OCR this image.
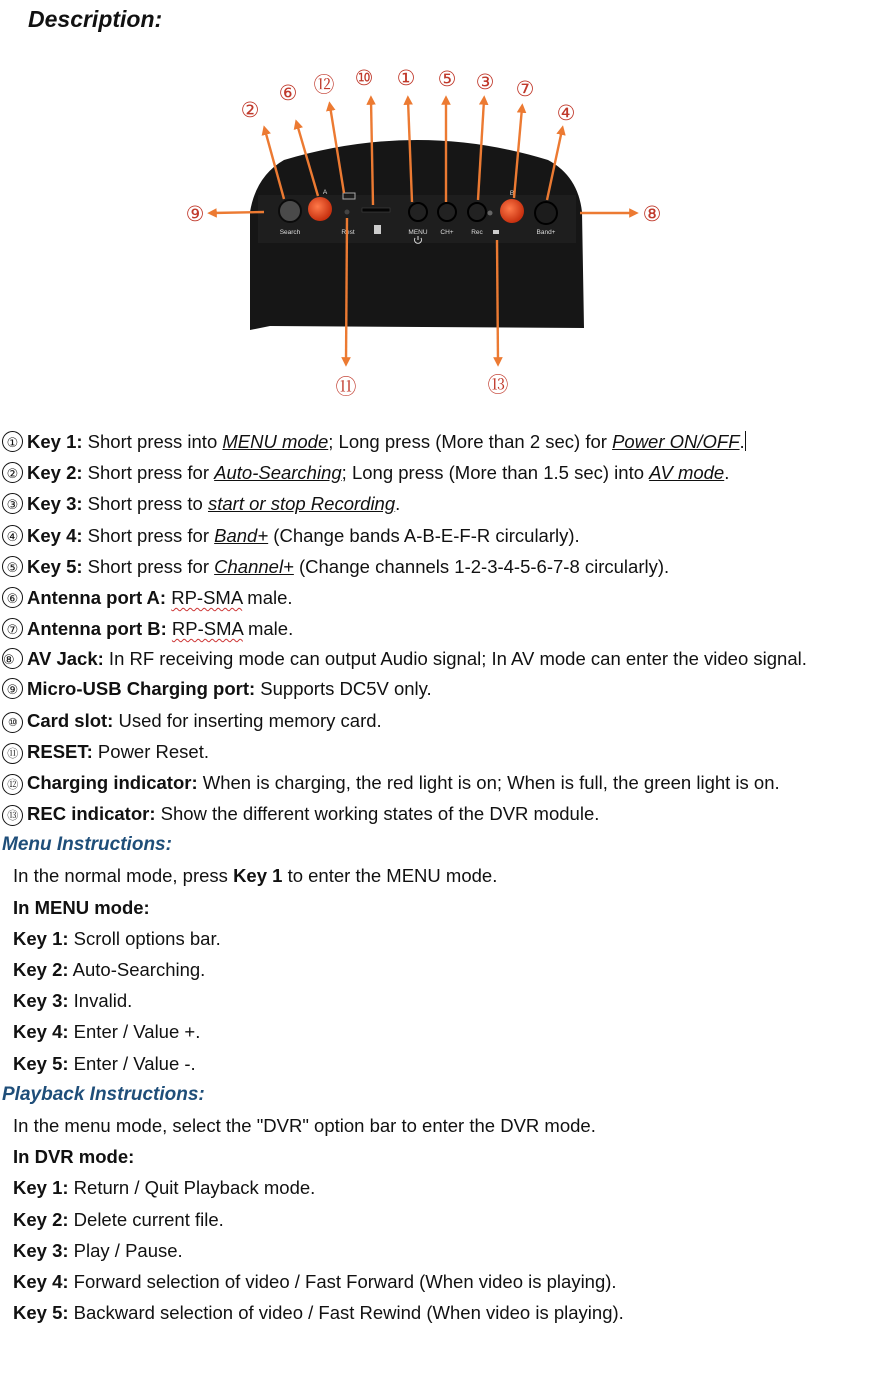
Description:
Search
A
Rest	MENU CH+	Rec
B
Band+
①
②
③
④
⑤
⑥	⑦
⑧
⑨
⑩
⑪
⑫
⑬
① Key 1: Short press into MENU mode; Long press (More than 2 sec) for Power ON/OFF.
② Key 2: Short press for Auto-Searching; Long press (More than 1.5 sec) into AV mode.
③ Key 3: Short press to start or stop Recording.
④ Key 4: Short press for Band+ (Change bands A-B-E-F-R circularly).
⑤ Key 5: Short press for Channel+ (Change channels 1-2-3-4-5-6-7-8 circularly).
⑥ Antenna port A: RP-SMA male.
⑦ Antenna port B: RP-SMA male.
⑧ AV Jack: In RF receiving mode can output Audio signal; In AV mode can enter the video signal.
⑨ Micro-USB Charging port: Supports DC5V only.
⑩ Card slot: Used for inserting memory card.
⑪ RESET: Power Reset.
⑫ Charging indicator: When is charging, the red light is on; When is full, the green light is on.
⑬ REC indicator: Show the different working states of the DVR module.
Menu Instructions:
In the normal mode, press Key 1 to enter the MENU mode.
In MENU mode:
Key 1: Scroll options bar.
Key 2: Auto-Searching.
Key 3: Invalid.
Key 4: Enter / Value +.
Key 5: Enter / Value -.
Playback Instructions:
In the menu mode, select the "DVR" option bar to enter the DVR mode.
In DVR mode:
Key 1: Return / Quit Playback mode.
Key 2: Delete current file.
Key 3: Play / Pause.
Key 4: Forward selection of video / Fast Forward (When video is playing).
Key 5: Backward selection of video / Fast Rewind (When video is playing).
